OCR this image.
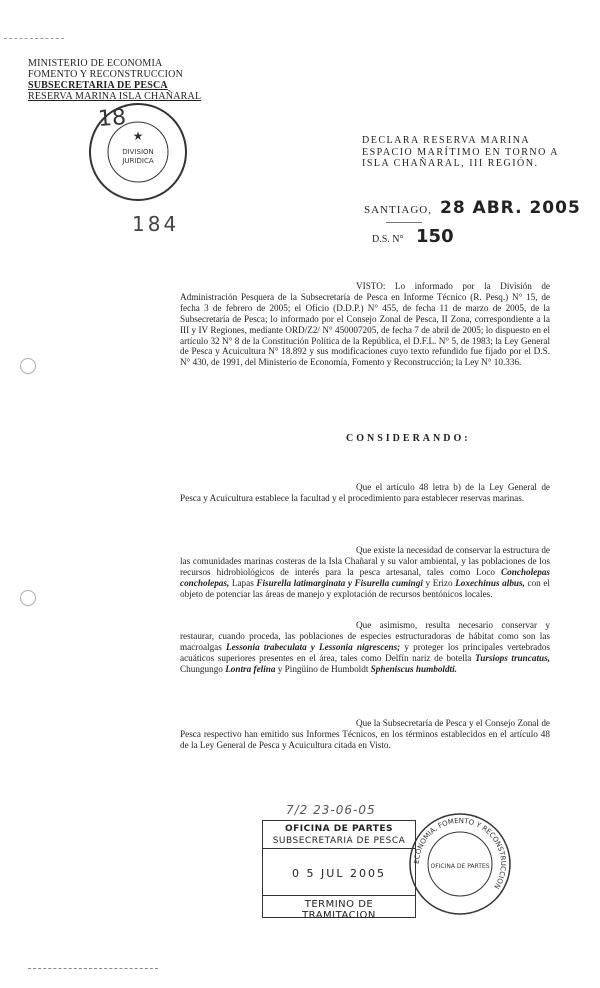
MINISTERIO DE ECONOMIA
FOMENTO Y RECONSTRUCCION
SUBSECRETARIA DE PESCA
RESERVA MARINA ISLA CHAÑARAL
★
DIVISION
JURIDICA
18
184
DECLARA RESERVA MARINA
ESPACIO MARÍTIMO EN TORNO A
ISLA CHAÑARAL, III REGIÓN.
SANTIAGO, 28 ABR. 2005
D.S. N° 150
VISTO: Lo informado por la División de Administración Pesquera de la Subsecretaría de Pesca en Informe Técnico (R. Pesq.) N° 15, de fecha 3 de febrero de 2005; el Oficio (D.D.P.) N° 455, de fecha 11 de marzo de 2005, de la Subsecretaría de Pesca; lo informado por el Consejo Zonal de Pesca, II Zona, correspondiente a la III y IV Regiones, mediante ORD/Z2/ N° 450007205, de fecha 7 de abril de 2005; lo dispuesto en el artículo 32 N° 8 de la Constitución Política de la República, el D.F.L. N° 5, de 1983; la Ley General de Pesca y Acuicultura N° 18.892 y sus modificaciones cuyo texto refundido fue fijado por el D.S. N° 430, de 1991, del Ministerio de Economía, Fomento y Reconstrucción; la Ley N° 10.336.
CONSIDERANDO:
Que el artículo 48 letra b) de la Ley General de Pesca y Acuicultura establece la facultad y el procedimiento para establecer reservas marinas.
Que existe la necesidad de conservar la estructura de las comunidades marinas costeras de la Isla Chañaral y su valor ambiental, y las poblaciones de los recursos hidrobiológicos de interés para la pesca artesanal, tales como Loco Concholepas concholepas, Lapas Fisurella latimarginata y Fisurella cumingi y Erizo Loxechinus albus, con el objeto de potenciar las áreas de manejo y explotación de recursos bentónicos locales.
Que asimismo, resulta necesario conservar y restaurar, cuando proceda, las poblaciones de especies estructuradoras de hábitat como son las macroalgas Lessonia trabeculata y Lessonia nigrescens; y proteger los principales vertebrados acuáticos superiores presentes en el área, tales como Delfín nariz de botella Tursiops truncatus, Chungungo Lontra felina y Pingüino de Humboldt Spheniscus humboldti.
Que la Subsecretaría de Pesca y el Consejo Zonal de Pesca respectivo han emitido sus Informes Técnicos, en los términos establecidos en el artículo 48 de la Ley General de Pesca y Acuicultura citada en Visto.
7/2 23-06-05
OFICINA DE PARTES
SUBSECRETARIA DE PESCA
0 5 JUL 2005
TERMINO DE TRAMITACION
ECONOMIA, FOMENTO Y RECONSTRUCCION
OFICINA DE PARTES
